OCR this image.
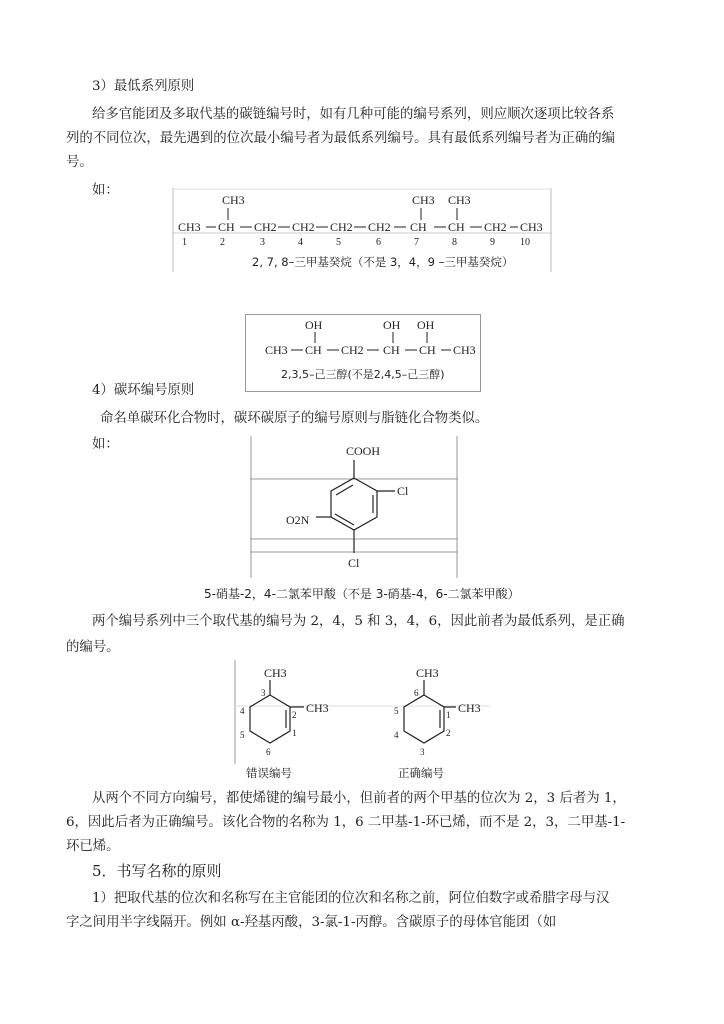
3）最低系列原则
给多官能团及多取代基的碳链编号时，如有几种可能的编号系列，则应顺次逐项比较各系
列的不同位次，最先遇到的位次最小编号者为最低系列编号。具有最低系列编号者为正确的编
号。
如：
CH3	CH3 CH3
CH3 CH CH2 CH2 CH2 CH2 CH CH CH2 CH3
1	2	3	4	5	6	7	8	9	10
2, 7, 8–三甲基癸烷（不是 3，4，9 –三甲基癸烷）
OH	OH OH
CH3 CH CH2 CH CH CH3
2,3,5–己三醇(不是2,4,5–己三醇)
4）碳环编号原则
命名单碳环化合物时，碳环碳原子的编号原则与脂链化合物类似。
如：	COOH
Cl
O2N
Cl
5-硝基-2，4-二氯苯甲酸（不是 3-硝基-4，6-二氯苯甲酸）
两个编号系列中三个取代基的编号为 2，4，5 和 3，4，6，因此前者为最低系列，是正确
的编号。
CH3
CH3
3
2
1
6
5
4
CH3
CH3
6
1
2
3
4
5
错误编号	正确编号
从两个不同方向编号，都使烯键的编号最小，但前者的两个甲基的位次为 2，3 后者为 1，
6，因此后者为正确编号。该化合物的名称为 1，6 二甲基-1-环已烯，而不是 2，3，二甲基-1-
环已烯。
5．书写名称的原则
1）把取代基的位次和名称写在主官能团的位次和名称之前，阿位伯数字或希腊字母与汉
字之间用半字线隔开。例如 α-羟基丙酸，3-氯-1-丙醇。含碳原子的母体官能团（如
